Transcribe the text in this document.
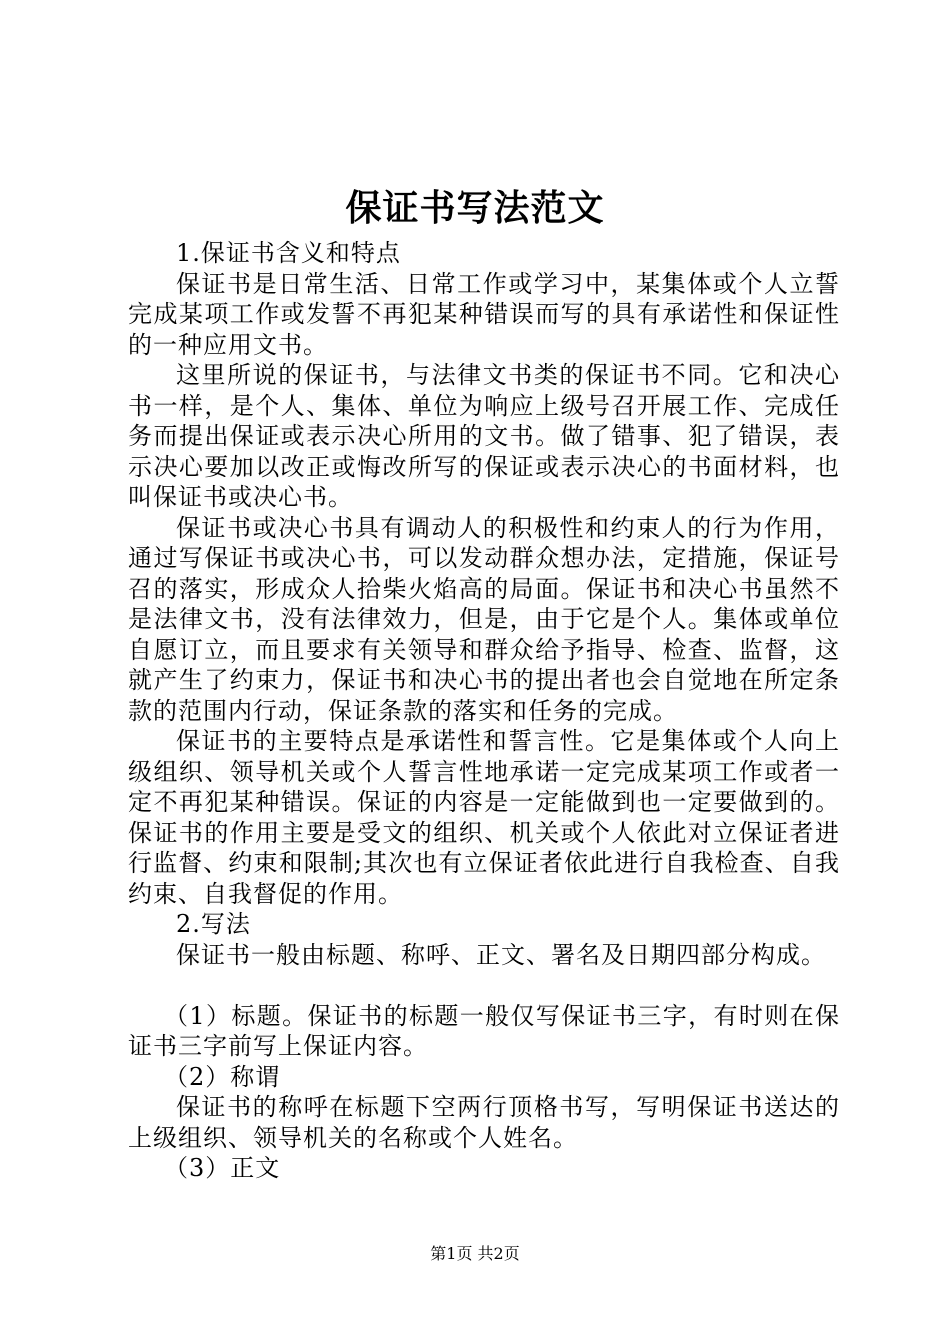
保证书写法范文

1.保证书含义和特点

保证书是日常生活、日常工作或学习中，某集体或个人立誓完成某项工作或发誓不再犯某种错误而写的具有承诺性和保证性的一种应用文书。

这里所说的保证书，与法律文书类的保证书不同。它和决心书一样，是个人、集体、单位为响应上级号召开展工作、完成任务而提出保证或表示决心所用的文书。做了错事、犯了错误，表示决心要加以改正或悔改所写的保证或表示决心的书面材料，也叫保证书或决心书。

保证书或决心书具有调动人的积极性和约束人的行为作用，通过写保证书或决心书，可以发动群众想办法，定措施，保证号召的落实，形成众人拾柴火焰高的局面。保证书和决心书虽然不是法律文书，没有法律效力，但是，由于它是个人。集体或单位自愿订立，而且要求有关领导和群众给予指导、检查、监督，这就产生了约束力，保证书和决心书的提出者也会自觉地在所定条款的范围内行动，保证条款的落实和任务的完成。

保证书的主要特点是承诺性和誓言性。它是集体或个人向上级组织、领导机关或个人誓言性地承诺一定完成某项工作或者一定不再犯某种错误。保证的内容是一定能做到也一定要做到的。保证书的作用主要是受文的组织、机关或个人依此对立保证者进行监督、约束和限制;其次也有立保证者依此进行自我检查、自我约束、自我督促的作用。

2.写法

保证书一般由标题、称呼、正文、署名及日期四部分构成。

（1）标题。保证书的标题一般仅写保证书三字，有时则在保证书三字前写上保证内容。

（2）称谓

保证书的称呼在标题下空两行顶格书写，写明保证书送达的上级组织、领导机关的名称或个人姓名。

（3）正文

第1页 共2页
